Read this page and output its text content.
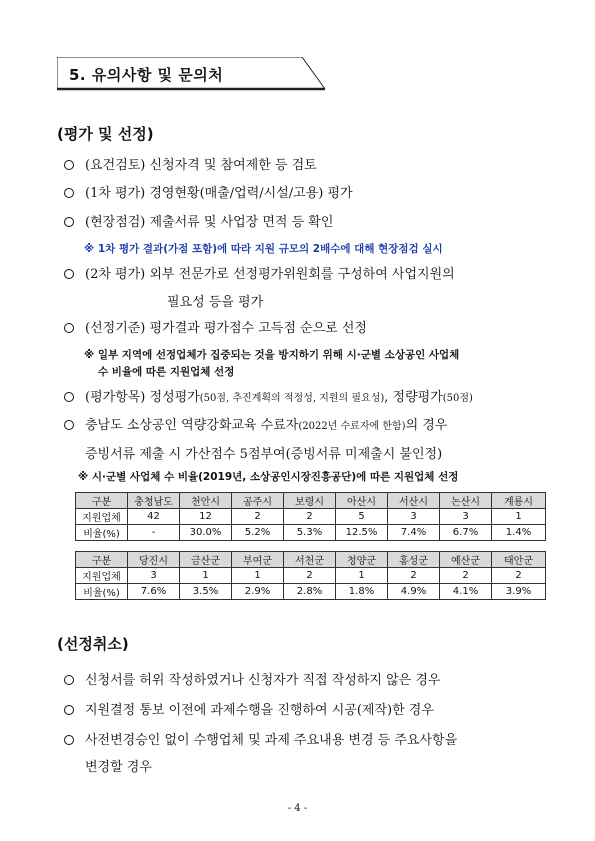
5. 유의사항 및 문의처
(평가 및 선정)
(요건검토) 신청자격 및 참여제한 등 검토
(1차 평가) 경영현황(매출/업력/시설/고용) 평가
(현장점검) 제출서류 및 사업장 면적 등 확인
※ 1차 평가 결과(가점 포함)에 따라 지원 규모의 2배수에 대해 현장점검 실시
(2차 평가) 외부 전문가로 선정평가위원회를 구성하여 사업지원의
필요성 등을 평가
(선정기준) 평가결과 평가점수 고득점 순으로 선정
※ 일부 지역에 선정업체가 집중되는 것을 방지하기 위해 시·군별 소상공인 사업체
수 비율에 따른 지원업체 선정
(평가항목) 정성평가(50점, 추진계획의 적정성, 지원의 필요성), 정량평가(50점)
충남도 소상공인 역량강화교육 수료자(2022년 수료자에 한함)의 경우
증빙서류 제출 시 가산점수 5점부여(증빙서류 미제출시 불인정)
※ 시·군별 사업체 수 비율(2019년, 소상공인시장진흥공단)에 따른 지원업체 선정
구분	충청남도	천안시	공주시	보령시	아산시	서산시	논산시	계룡시
지원업체	42	12	2	2	5	3	3	1
비율(%)	-	30.0%	5.2%	5.3%	12.5%	7.4%	6.7%	1.4%
구분	당진시	금산군	부여군	서천군	청양군	홍성군	예산군	태안군
지원업체	3	1	1	2	1	2	2	2
비율(%)	7.6%	3.5%	2.9%	2.8%	1.8%	4.9%	4.1%	3.9%
(선정취소)
신청서를 허위 작성하였거나 신청자가 직접 작성하지 않은 경우
지원결정 통보 이전에 과제수행을 진행하여 시공(제작)한 경우
사전변경승인 없이 수행업체 및 과제 주요내용 변경 등 주요사항을
변경할 경우
- 4 -
